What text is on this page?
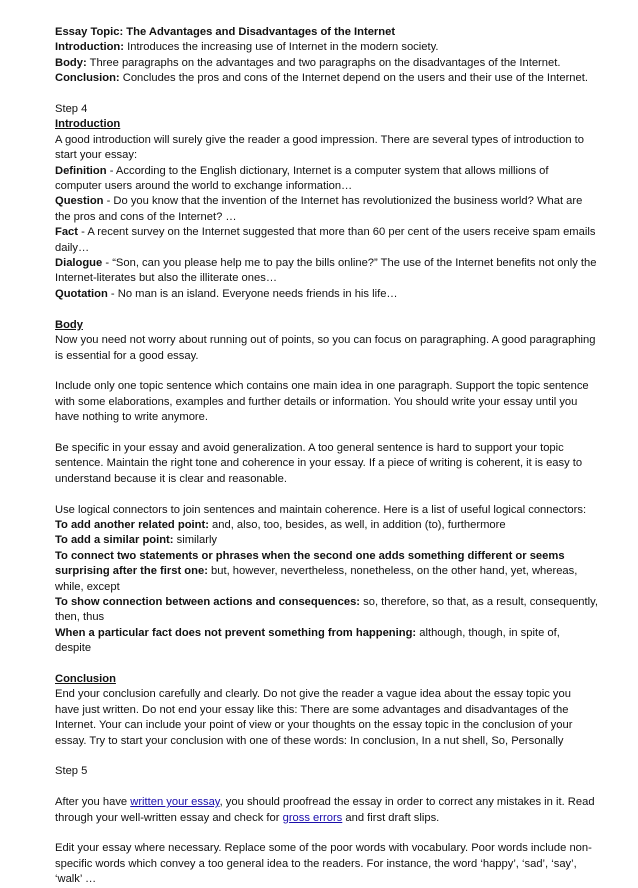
Essay Topic: The Advantages and Disadvantages of the Internet

Introduction: Introduces the increasing use of Internet in the modern society.

Body: Three paragraphs on the advantages and two paragraphs on the disadvantages of the Internet.

Conclusion: Concludes the pros and cons of the Internet depend on the users and their use of the Internet.

Step 4

Introduction

A good introduction will surely give the reader a good impression. There are several types of introduction to start your essay:

Definition - According to the English dictionary, Internet is a computer system that allows millions of computer users around the world to exchange information…

Question - Do you know that the invention of the Internet has revolutionized the business world? What are the pros and cons of the Internet? …

Fact - A recent survey on the Internet suggested that more than 60 per cent of the users receive spam emails daily…

Dialogue - “Son, can you please help me to pay the bills online?” The use of the Internet benefits not only the Internet-literates but also the illiterate ones…

Quotation - No man is an island. Everyone needs friends in his life…

Body

Now you need not worry about running out of points, so you can focus on paragraphing. A good paragraphing is essential for a good essay.

Include only one topic sentence which contains one main idea in one paragraph. Support the topic sentence with some elaborations, examples and further details or information. You should write your essay until you have nothing to write anymore.

Be specific in your essay and avoid generalization. A too general sentence is hard to support your topic sentence. Maintain the right tone and coherence in your essay. If a piece of writing is coherent, it is easy to understand because it is clear and reasonable.

Use logical connectors to join sentences and maintain coherence. Here is a list of useful logical connectors:

To add another related point: and, also, too, besides, as well, in addition (to), furthermore

To add a similar point: similarly

To connect two statements or phrases when the second one adds something different or seems surprising after the first one: but, however, nevertheless, nonetheless, on the other hand, yet, whereas, while, except

To show connection between actions and consequences: so, therefore, so that, as a result, consequently, then, thus

When a particular fact does not prevent something from happening: although, though, in spite of, despite

Conclusion

End your conclusion carefully and clearly. Do not give the reader a vague idea about the essay topic you have just written. Do not end your essay like this: There are some advantages and disadvantages of the Internet. Your can include your point of view or your thoughts on the essay topic in the conclusion of your essay. Try to start your conclusion with one of these words: In conclusion, In a nut shell, So, Personally

Step 5

After you have written your essay, you should proofread the essay in order to correct any mistakes in it. Read through your well-written essay and check for gross errors and first draft slips.

Edit your essay where necessary. Replace some of the poor words with vocabulary. Poor words include non-specific words which convey a too general idea to the readers. For instance, the word ‘happy’, ‘sad’, ‘say’, ‘walk’ …
